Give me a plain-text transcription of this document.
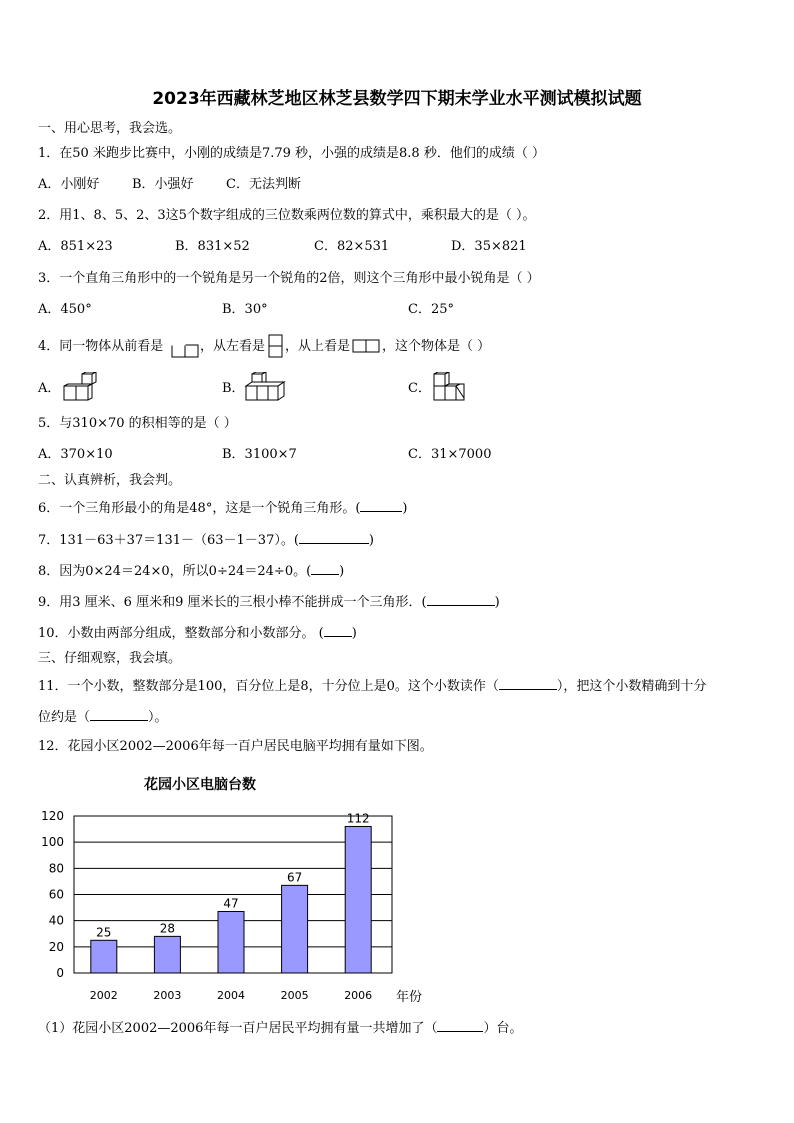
2023年西藏林芝地区林芝县数学四下期末学业水平测试模拟试题
一、用心思考，我会选。
1．在50 米跑步比赛中，小刚的成绩是7.79 秒，小强的成绩是8.8 秒．他们的成绩（ ）
A．小刚好	B．小强好 C．无法判断
2．用1、8、5、2、3这5个数字组成的三位数乘两位数的算式中，乘积最大的是（ ）。
A．851×23	B．831×52	C．82×531	D．35×821
3．一个直角三角形中的一个锐角是另一个锐角的2倍，则这个三角形中最小锐角是（ ）
A．450°	B．30°	C．25°
4．同一物体从前看是	，从左看是 ，从上看是 ，这个物体是（ ）
A．	B．	C．
5．与310×70 的积相等的是（ ）
A．370×10	B．3100×7	C．31×7000
二、认真辨析，我会判。
6．一个三角形最小的角是48°，这是一个锐角三角形。(	)
7．131－63＋37＝131－（63－1－37）。(	)
8．因为0×24＝24×0，所以0÷24＝24÷0。( )
9．用3 厘米、6 厘米和9 厘米长的三根小棒不能拼成一个三角形．(	)
10．小数由两部分组成，整数部分和小数部分。 ( )
三、仔细观察，我会填。
11．一个小数，整数部分是100，百分位上是8，十分位上是0。这个小数读作（	），把这个小数精确到十分
位约是（	）。
12．花园小区2002—2006年每一百户居民电脑平均拥有量如下图。
花园小区电脑台数
0
20
40
60
80
100
120
25
2002
28
2003
47
2004
67
2005
112
2006 年份
（1）花园小区2002—2006年每一百户居民平均拥有量一共增加了（	）台。
